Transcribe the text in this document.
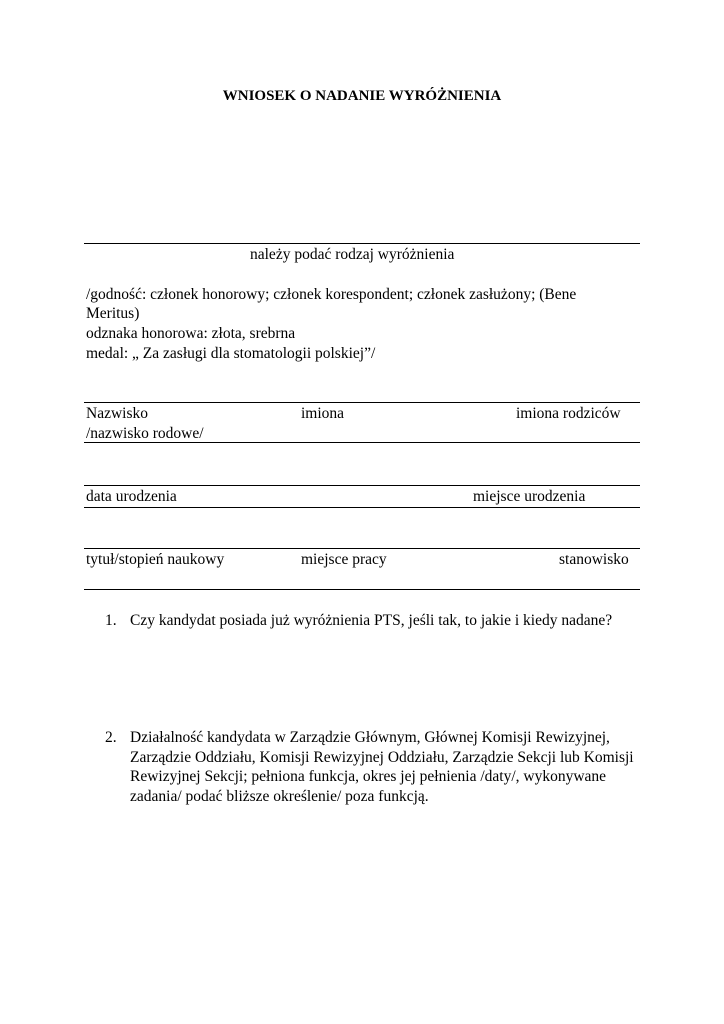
WNIOSEK O NADANIE WYRÓŻNIENIA
należy podać rodzaj wyróżnienia
/godność: członek honorowy; członek korespondent; członek zasłużony; (Bene
Meritus)
odznaka honorowa: złota, srebrna
medal: „ Za zasługi dla stomatologii polskiej”/
Nazwisko	imiona	imiona rodziców
/nazwisko rodowe/
data urodzenia	miejsce urodzenia
tytuł/stopień naukowy	miejsce pracy	stanowisko
1. Czy kandydat posiada już wyróżnienia PTS, jeśli tak, to jakie i kiedy nadane?
2. Działalność kandydata w Zarządzie Głównym, Głównej Komisji Rewizyjnej, Zarządzie Oddziału, Komisji Rewizyjnej Oddziału, Zarządzie Sekcji lub Komisji Rewizyjnej Sekcji; pełniona funkcja, okres jej pełnienia /daty/, wykonywane zadania/ podać bliższe określenie/ poza funkcją.
